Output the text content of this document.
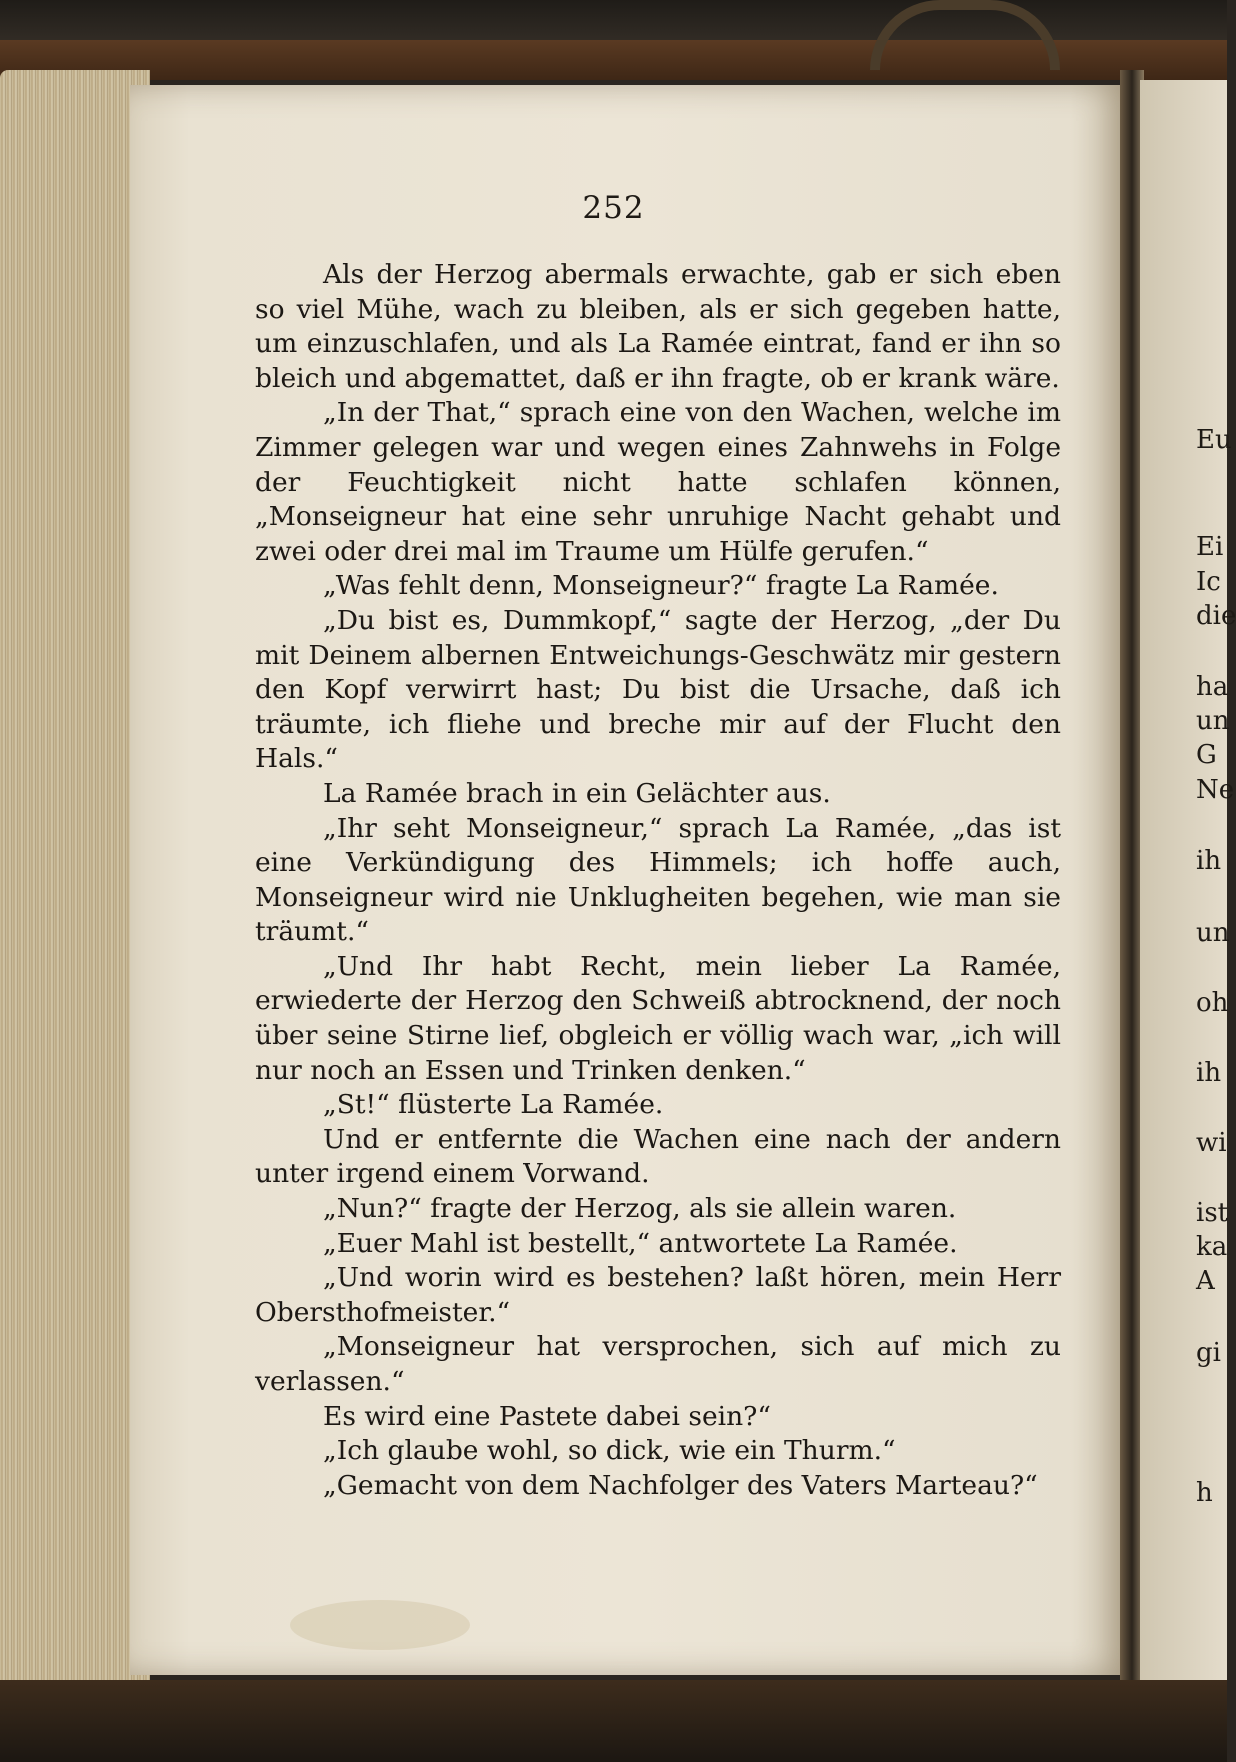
252

Als der Herzog abermals erwachte, gab er sich eben so viel Mühe, wach zu bleiben, als er sich gegeben hatte, um einzuschlafen, und als La Ramée eintrat, fand er ihn so bleich und abgemattet, daß er ihn fragte, ob er krank wäre.

„In der That,“ sprach eine von den Wachen, welche im Zimmer gelegen war und wegen eines Zahnwehs in Folge der Feuchtigkeit nicht hatte schlafen können, „Monseigneur hat eine sehr unruhige Nacht gehabt und zwei oder drei mal im Traume um Hülfe gerufen.“

„Was fehlt denn, Monseigneur?“ fragte La Ramée.

„Du bist es, Dummkopf,“ sagte der Herzog, „der Du mit Deinem albernen Entweichungs-Geschwätz mir gestern den Kopf verwirrt hast; Du bist die Ursache, daß ich träumte, ich fliehe und breche mir auf der Flucht den Hals.“

La Ramée brach in ein Gelächter aus.

„Ihr seht Monseigneur,“ sprach La Ramée, „das ist eine Verkündigung des Himmels; ich hoffe auch, Monseigneur wird nie Unklugheiten begehen, wie man sie träumt.“

„Und Ihr habt Recht, mein lieber La Ramée, erwiederte der Herzog den Schweiß abtrocknend, der noch über seine Stirne lief, obgleich er völlig wach war, „ich will nur noch an Essen und Trinken denken.“

„St!“ flüsterte La Ramée.

Und er entfernte die Wachen eine nach der andern unter irgend einem Vorwand.

„Nun?“ fragte der Herzog, als sie allein waren.

„Euer Mahl ist bestellt,“ antwortete La Ramée.

„Und worin wird es bestehen? laßt hören, mein Herr Obersthofmeister.“

„Monseigneur hat versprochen, sich auf mich zu verlassen.“

Es wird eine Pastete dabei sein?“

„Ich glaube wohl, so dick, wie ein Thurm.“

„Gemacht von dem Nachfolger des Vaters Marteau?“

Eu
Ei
Ic
die
ha
un
G
Ne
ih
un
oh
ih
wi
ist
ka
A
gi
h
